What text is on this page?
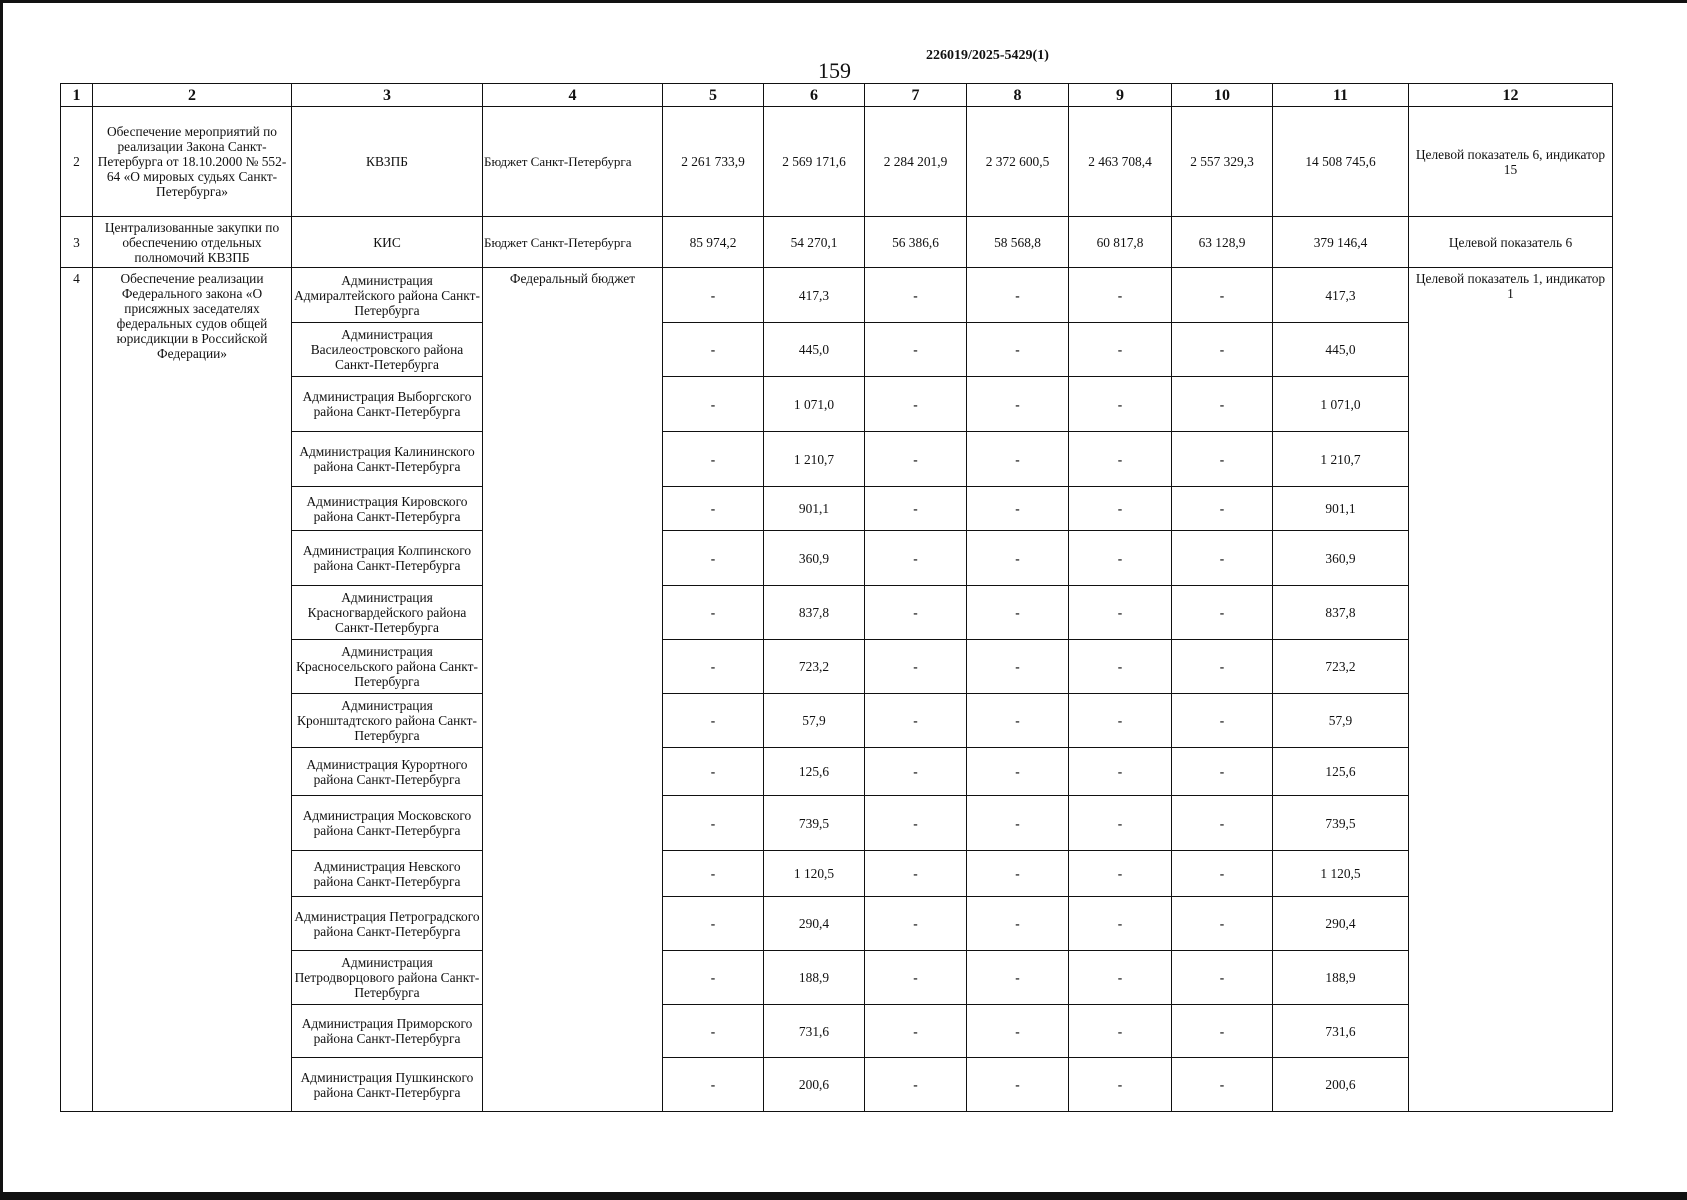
159
226019/2025-5429(1)
1	2	3	4	5	6	7	8	9	10	11	12
2	Обеспечение мероприятий по реализации Закона Санкт-Петербурга от 18.10.2000 № 552-64 «О мировых судьях Санкт-Петербурга»	КВЗПБ	Бюджет Санкт-Петербурга	2 261 733,9	2 569 171,6	2 284 201,9	2 372 600,5	2 463 708,4	2 557 329,3	14 508 745,6	Целевой показатель 6, индикатор 15
3	Централизованные закупки по обеспечению отдельных полномочий КВЗПБ	КИС	Бюджет Санкт-Петербурга	85 974,2	54 270,1	56 386,6	58 568,8	60 817,8	63 128,9	379 146,4	Целевой показатель 6
4	Обеспечение реализации Федерального закона «О присяжных заседателях федеральных судов общей юрисдикции в Российской Федерации»	Администрация Адмиралтейского района Санкт-Петербурга	Федеральный бюджет	-	417,3	-	-	-	-	417,3	Целевой показатель 1, индикатор 1
		Администрация Василеостровского района Санкт-Петербурга		-	445,0	-	-	-	-	445,0	
		Администрация Выборгского района Санкт-Петербурга		-	1 071,0	-	-	-	-	1 071,0	
		Администрация Калининского района Санкт-Петербурга		-	1 210,7	-	-	-	-	1 210,7	
		Администрация Кировского района Санкт-Петербурга		-	901,1	-	-	-	-	901,1	
		Администрация Колпинского района Санкт-Петербурга		-	360,9	-	-	-	-	360,9	
		Администрация Красногвардейского района Санкт-Петербурга		-	837,8	-	-	-	-	837,8	
		Администрация Красносельского района Санкт-Петербурга		-	723,2	-	-	-	-	723,2	
		Администрация Кронштадтского района Санкт-Петербурга		-	57,9	-	-	-	-	57,9	
		Администрация Курортного района Санкт-Петербурга		-	125,6	-	-	-	-	125,6	
		Администрация Московского района Санкт-Петербурга		-	739,5	-	-	-	-	739,5	
		Администрация Невского района Санкт-Петербурга		-	1 120,5	-	-	-	-	1 120,5	
		Администрация Петроградского района Санкт-Петербурга		-	290,4	-	-	-	-	290,4	
		Администрация Петродворцового района Санкт-Петербурга		-	188,9	-	-	-	-	188,9	
		Администрация Приморского района Санкт-Петербурга		-	731,6	-	-	-	-	731,6	
		Администрация Пушкинского района Санкт-Петербурга		-	200,6	-	-	-	-	200,6	
